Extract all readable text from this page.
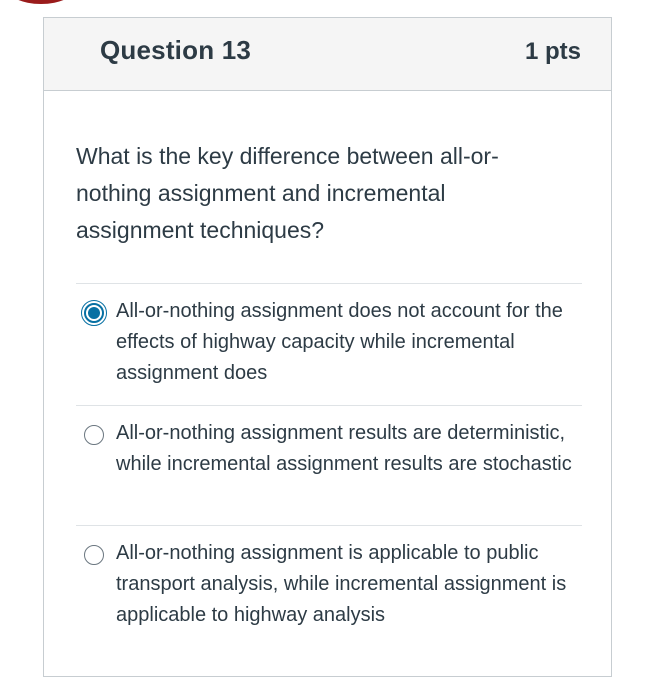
Question 13	1 pts
What is the key difference between all-or-nothing assignment and incremental assignment techniques?
All-or-nothing assignment does not account for the effects of highway capacity while incremental assignment does
All-or-nothing assignment results are deterministic, while incremental assignment results are stochastic
All-or-nothing assignment is applicable to public transport analysis, while incremental assignment is applicable to highway analysis
